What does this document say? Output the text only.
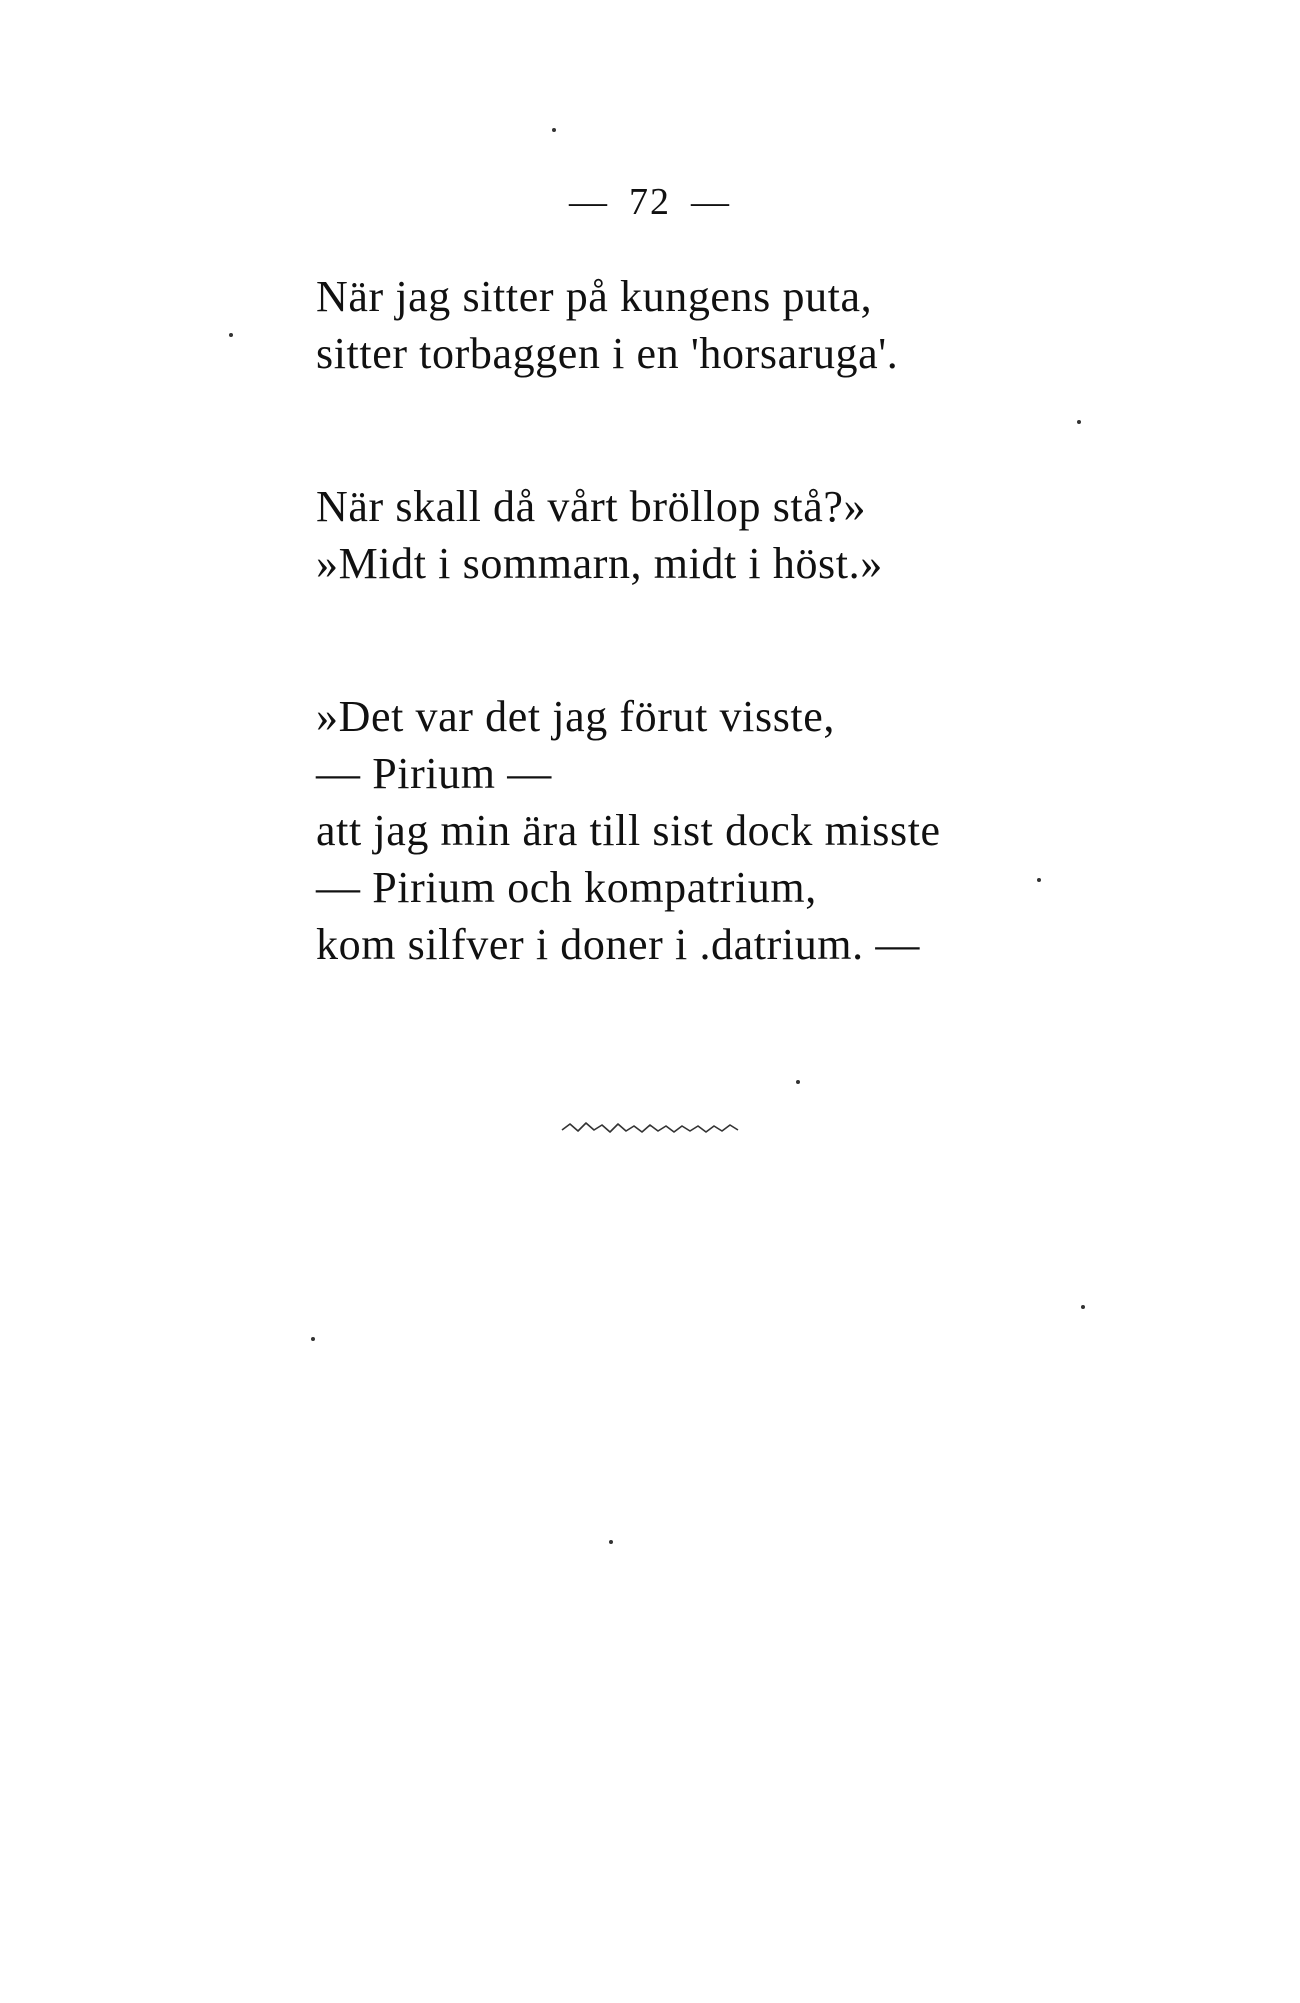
— 72 —
När jag sitter på kungens puta,
sitter torbaggen i en 'horsaruga'.
När skall då vårt bröllop stå?»
»Midt i sommarn, midt i höst.»
»Det var det jag förut visste,
— Pirium —
att jag min ära till sist dock misste
— Pirium och kompatrium,
kom silfver i doner i .datrium. —
